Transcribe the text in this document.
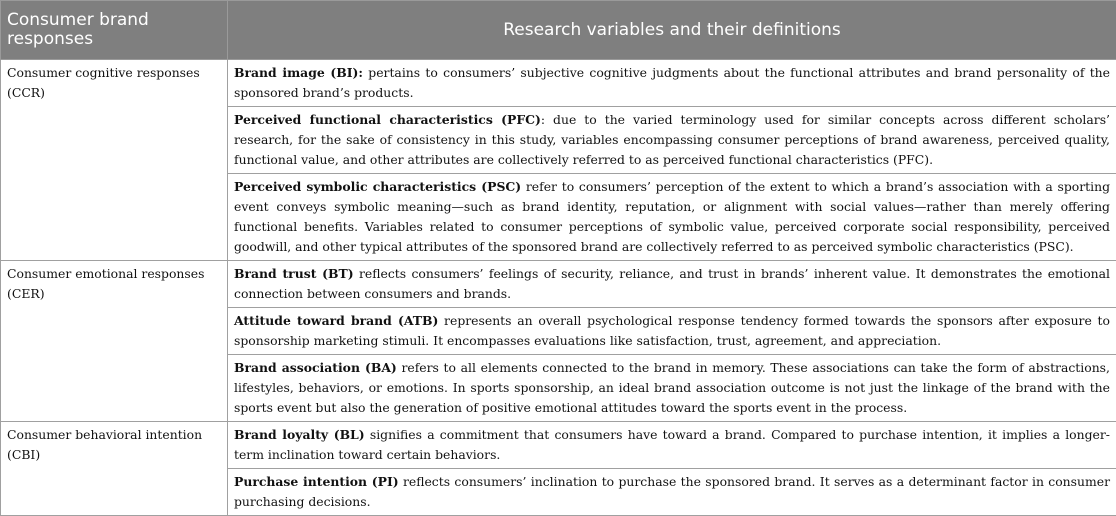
Consumer brand responses	Research variables and their definitions
Consumer cognitive responses (CCR)	Brand image (BI): pertains to consumers’ subjective cognitive judgments about the functional attributes and brand personality of the sponsored brand’s products.
	Perceived functional characteristics (PFC): due to the varied terminology used for similar concepts across different scholars’ research, for the sake of consistency in this study, variables encompassing consumer perceptions of brand awareness, perceived quality, functional value, and other attributes are collectively referred to as perceived functional characteristics (PFC).
	Perceived symbolic characteristics (PSC) refer to consumers’ perception of the extent to which a brand’s association with a sporting event conveys symbolic meaning—such as brand identity, reputation, or alignment with social values—rather than merely offering functional benefits. Variables related to consumer perceptions of symbolic value, perceived corporate social responsibility, perceived goodwill, and other typical attributes of the sponsored brand are collectively referred to as perceived symbolic characteristics (PSC).
Consumer emotional responses (CER)	Brand trust (BT) reflects consumers’ feelings of security, reliance, and trust in brands’ inherent value. It demonstrates the emotional connection between consumers and brands.
	Attitude toward brand (ATB) represents an overall psychological response tendency formed towards the sponsors after exposure to sponsorship marketing stimuli. It encompasses evaluations like satisfaction, trust, agreement, and appreciation.
	Brand association (BA) refers to all elements connected to the brand in memory. These associations can take the form of abstractions, lifestyles, behaviors, or emotions. In sports sponsorship, an ideal brand association outcome is not just the linkage of the brand with the sports event but also the generation of positive emotional attitudes toward the sports event in the process.
Consumer behavioral intention (CBI)	Brand loyalty (BL) signifies a commitment that consumers have toward a brand. Compared to purchase intention, it implies a longer-term inclination toward certain behaviors.
	Purchase intention (PI) reflects consumers’ inclination to purchase the sponsored brand. It serves as a determinant factor in consumer purchasing decisions.
